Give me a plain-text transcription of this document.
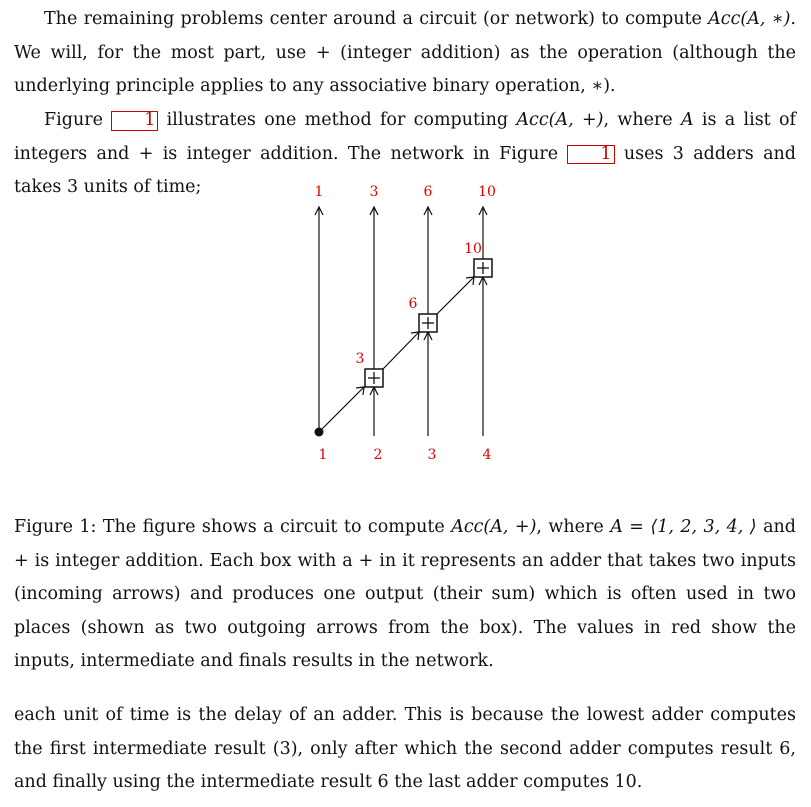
The remaining problems center around a circuit (or network) to compute Acc(A, ∗). We will, for the most part, use + (integer addition) as the operation (although the underlying principle applies to any associative binary operation, ∗).

Figure 1 illustrates one method for computing Acc(A, +), where A is a list of integers and + is integer addition. The network in Figure 1 uses 3 adders and takes 3 units of time;	1	3	6	10
3
6
10
1	2	3	4

Figure 1: The figure shows a circuit to compute Acc(A, +), where A = ⟨1, 2, 3, 4, ⟩ and + is integer addition. Each box with a + in it represents an adder that takes two inputs (incoming arrows) and produces one output (their sum) which is often used in two places (shown as two outgoing arrows from the box). The values in red show the inputs, intermediate and finals results in the network.

each unit of time is the delay of an adder. This is because the lowest adder computes the first intermediate result (3), only after which the second adder computes result 6, and finally using the intermediate result 6 the last adder computes 10.
